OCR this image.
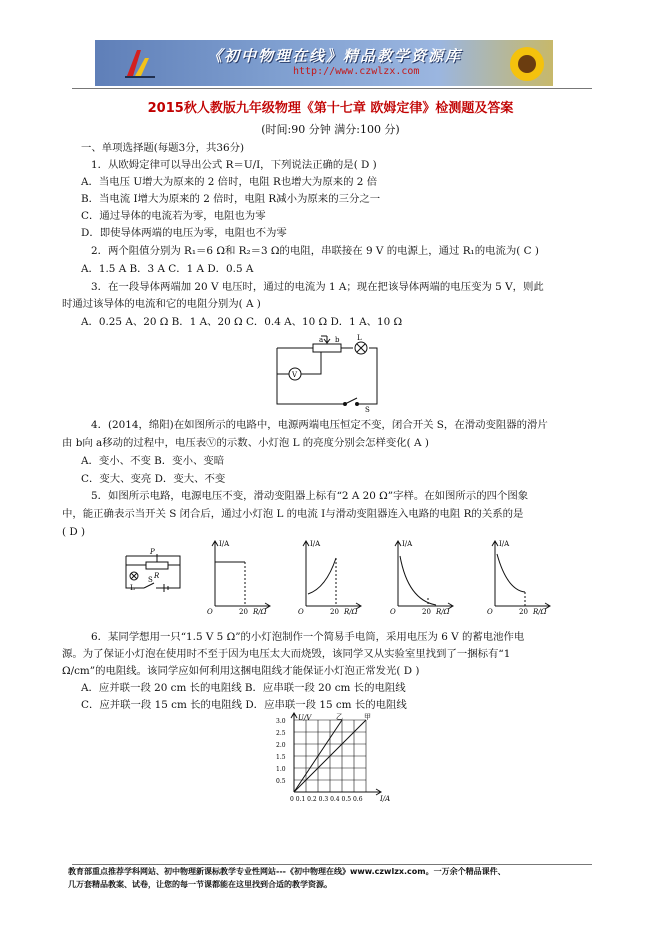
《初中物理在线》精品教学资源库
http://www.czwlzx.com
2015秋人教版九年级物理《第十七章 欧姆定律》检测题及答案
(时间:90 分钟 满分:100 分)
一、单项选择题(每题3分，共36分)
1．从欧姆定律可以导出公式 R＝U/I，下列说法正确的是( D )
A．当电压 U增大为原来的 2 倍时，电阻 R也增大为原来的 2 倍
B．当电流 I增大为原来的 2 倍时，电阻 R减小为原来的三分之一
C．通过导体的电流若为零，电阻也为零
D．即使导体两端的电压为零，电阻也不为零
2．两个阻值分别为 R₁＝6 Ω和 R₂＝3 Ω的电阻，串联接在 9 V 的电源上，通过 R₁的电流为( C )
A．1.5 A B．3 A C．1 A D．0.5 A
3．在一段导体两端加 20 V 电压时，通过的电流为 1 A；现在把该导体两端的电压变为 5 V，则此
时通过该导体的电流和它的电阻分别为( A )
A．0.25 A、20 Ω B．1 A、20 Ω C．0.4 A、10 Ω D．1 A、10 Ω
a b	L
V
S
4．(2014，绵阳)在如图所示的电路中，电源两端电压恒定不变，闭合开关 S，在滑动变阻器的滑片
由 b向 a移动的过程中，电压表Ⓥ的示数、小灯泡 L 的亮度分别会怎样变化( A )
A．变小、不变 B．变小、变暗
C．变大、变亮 D．变大、不变
5．如图所示电路，电源电压不变，滑动变阻器上标有“2 A 20 Ω”字样。在如图所示的四个图象
中，能正确表示当开关 S 闭合后，通过小灯泡 L 的电流 I与滑动变阻器连入电路的电阻 R的关系的是
( D )
P
R
L
S
I/A
O	20 R/Ω
I/A
O	20 R/Ω
I/A
O	20 R/Ω
I/A
O	20 R/Ω
6．某同学想用一只“1.5 V 5 Ω”的小灯泡制作一个简易手电筒，采用电压为 6 V 的蓄电池作电
源。为了保证小灯泡在使用时不至于因为电压太大而烧毁，该同学又从实验室里找到了一捆标有“1
Ω/cm”的电阻线。该同学应如何利用这捆电阻线才能保证小灯泡正常发光( D )
A．应并联一段 20 cm 长的电阻线 B．应串联一段 20 cm 长的电阻线
C．应并联一段 15 cm 长的电阻线 D．应串联一段 15 cm 长的电阻线
U/V
3.0
2.5
2.0
1.5
1.0
0.5
0 0.1 0.2 0.3 0.4 0.5 0.6 I/A
乙	甲
教育部重点推荐学科网站、初中物理新课标教学专业性网站---《初中物理在线》www.czwlzx.com。一万余个精品课件、
几万套精品教案、试卷，让您的每一节课都能在这里找到合适的教学资源。
